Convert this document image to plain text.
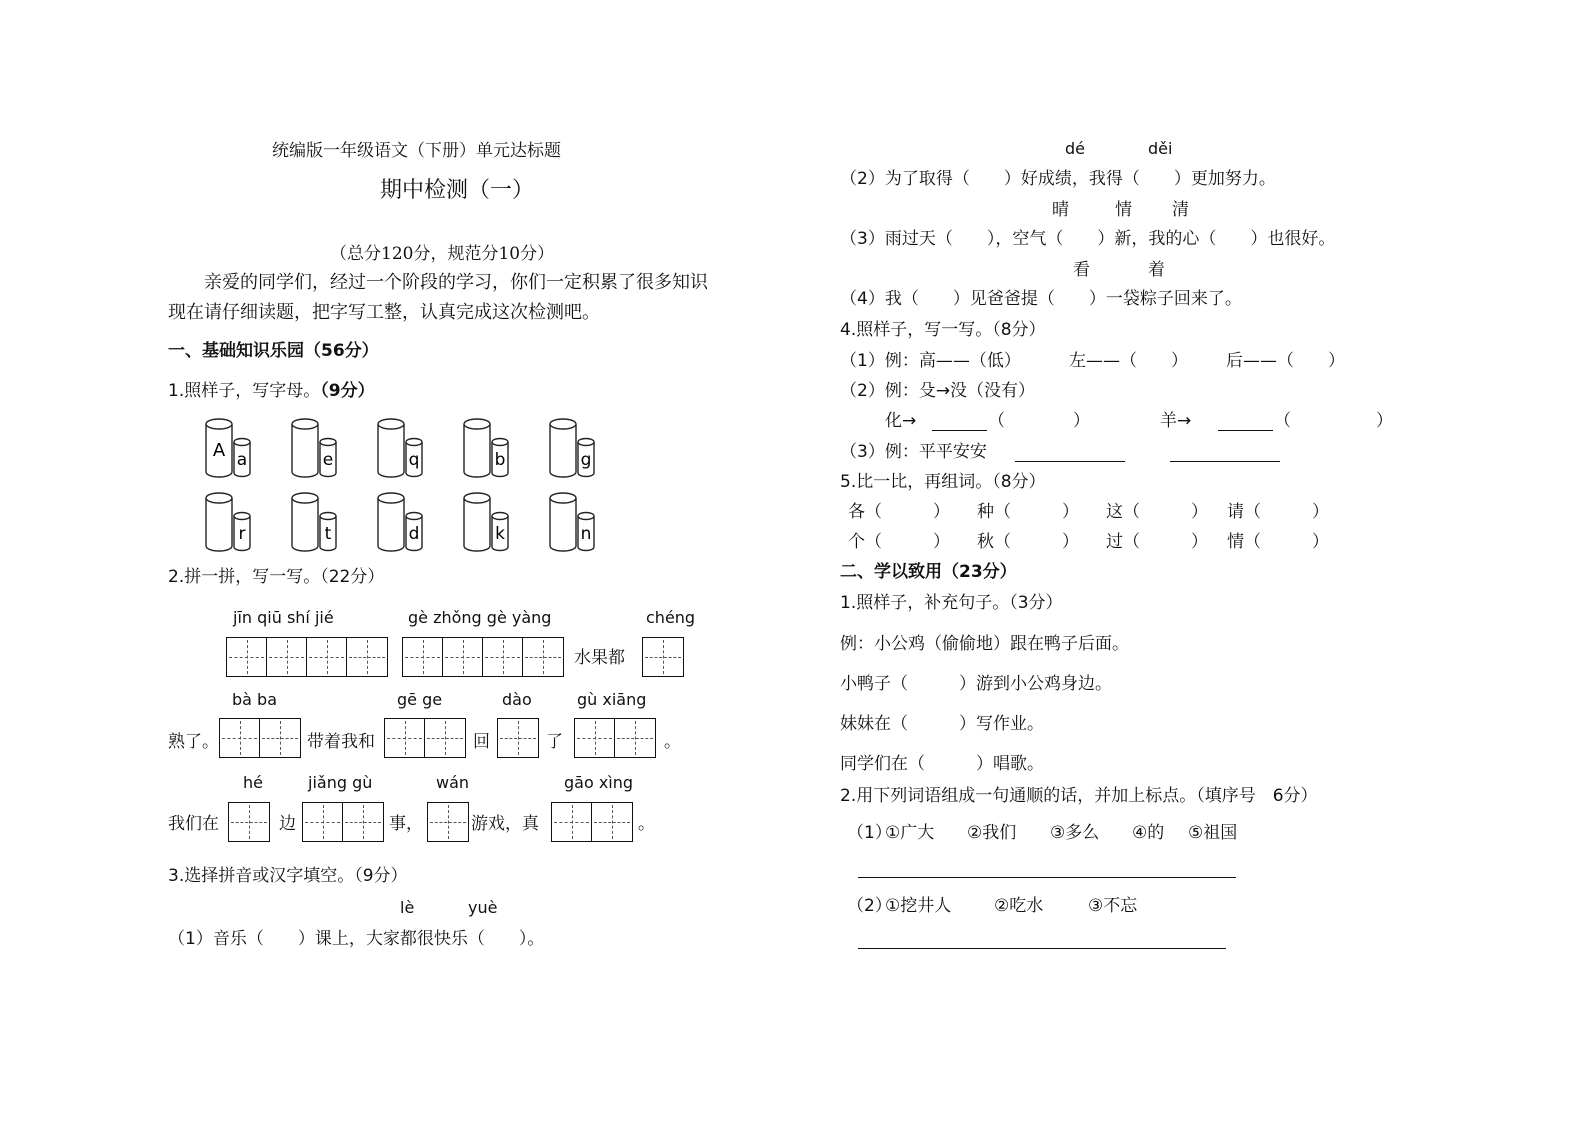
统编版一年级语文（下册）单元达标题
期中检测（一）
（总分120分，规范分10分）
亲爱的同学们，经过一个阶段的学习，你们一定积累了很多知识
现在请仔细读题，把字写工整，认真完成这次检测吧。
一、基础知识乐园（56分）
1.照样子，写字母。（9分）
A a	e	q	b	g
r	t	d	k	n
2.拼一拼，写一写。（22分）
jīn qiū shí jié	gè zhǒng gè yàng	chéng
水果都
bà ba	gē ge	dào	gù xiāng
熟了。	带着我和	回	了	。
hé	jiǎng gù	wán	gāo xìng
我们在	边	事，	游戏，真	。
3.选择拼音或汉字填空。（9分）
lè	yuè
（1）音乐（　　）课上，大家都很快乐（　　）。
dé	děi
（2）为了取得（　　）好成绩，我得（　　）更加努力。
晴	情 清
（3）雨过天（　　），空气（　　）新，我的心（　　）也很好。
看	着
（4）我（　　）见爸爸提（　　）一袋粽子回来了。
4.照样子，写一写。（8分）
（1）例：高——（低）	左——（　　） 后——（　　）
（2）例：殳→没（没有）
化→	（　　　　）	羊→	（　　　　　）
（3）例：平平安安
5.比一比，再组词。（8分）
各（　　　） 种（　　　） 这（　　　） 请（　　　）
个（　　　） 秋（　　　） 过（　　　） 情（　　　）
二、学以致用（23分）
1.照样子，补充句子。（3分）
例：小公鸡（偷偷地）跟在鸭子后面。
小鸭子（　　　）游到小公鸡身边。
妹妹在（　　　）写作业。
同学们在（　　　）唱歌。
2.用下列词语组成一句通顺的话，并加上标点。（填序号　6分）
（1）
①广大 ②我们 ③多么 ④的 ⑤祖国
（2）
①挖井人	②吃水	③不忘
